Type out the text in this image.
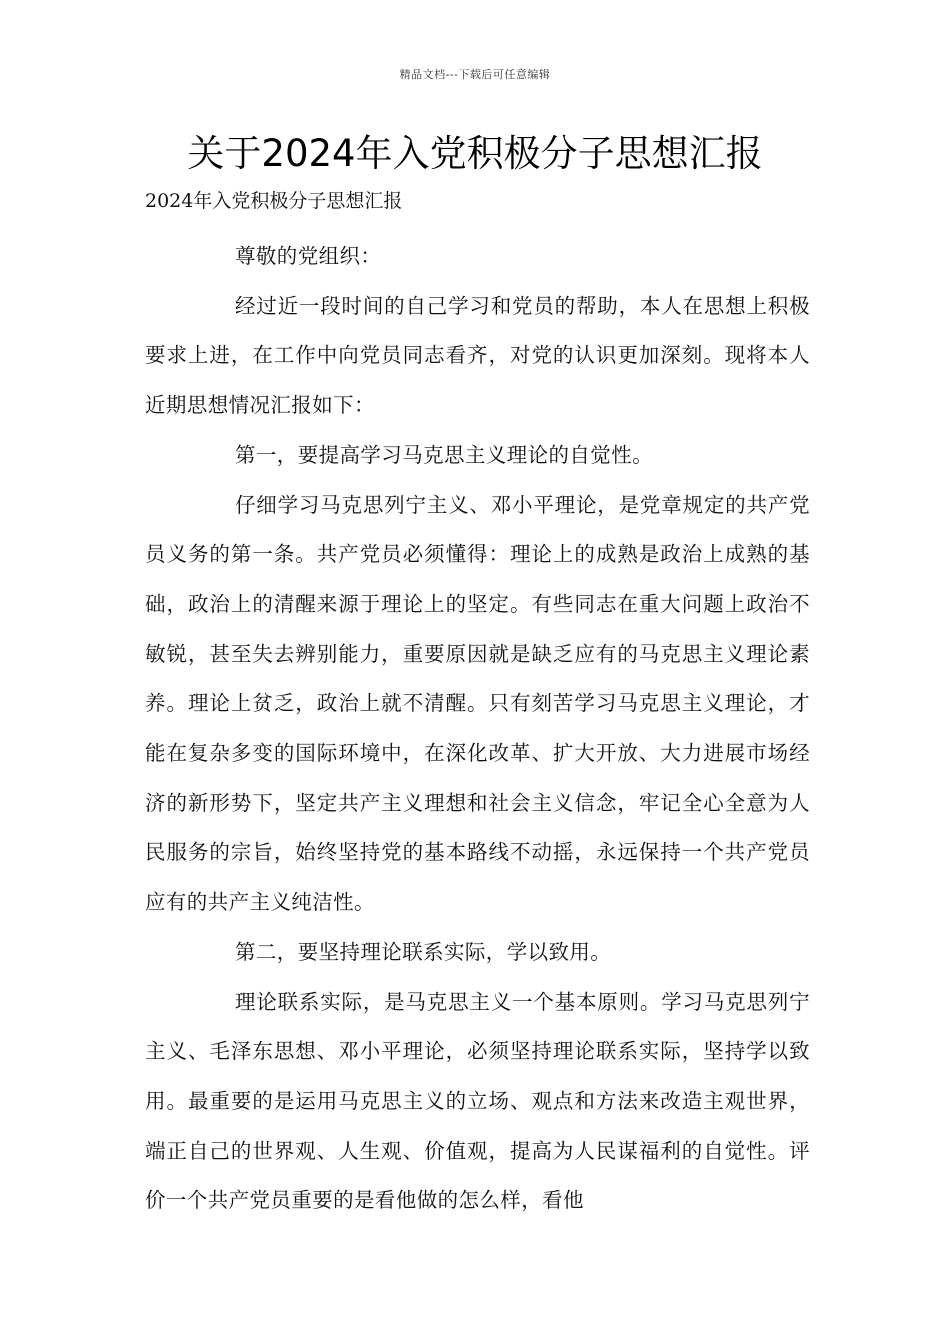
精品文档---下载后可任意编辑
关于2024年入党积极分子思想汇报

2024年入党积极分子思想汇报

尊敬的党组织：

经过近一段时间的自己学习和党员的帮助，本人在思想上积极要求上进，在工作中向党员同志看齐，对党的认识更加深刻。现将本人近期思想情况汇报如下：

第一，要提高学习马克思主义理论的自觉性。

仔细学习马克思列宁主义、邓小平理论，是党章规定的共产党员义务的第一条。共产党员必须懂得：理论上的成熟是政治上成熟的基础，政治上的清醒来源于理论上的坚定。有些同志在重大问题上政治不敏锐，甚至失去辨别能力，重要原因就是缺乏应有的马克思主义理论素养。理论上贫乏，政治上就不清醒。只有刻苦学习马克思主义理论，才能在复杂多变的国际环境中，在深化改革、扩大开放、大力进展市场经济的新形势下，坚定共产主义理想和社会主义信念，牢记全心全意为人民服务的宗旨，始终坚持党的基本路线不动摇，永远保持一个共产党员应有的共产主义纯洁性。

第二，要坚持理论联系实际，学以致用。

理论联系实际，是马克思主义一个基本原则。学习马克思列宁主义、毛泽东思想、邓小平理论，必须坚持理论联系实际，坚持学以致用。最重要的是运用马克思主义的立场、观点和方法来改造主观世界，端正自己的世界观、人生观、价值观，提高为人民谋福利的自觉性。评价一个共产党员重要的是看他做的怎么样，看他
